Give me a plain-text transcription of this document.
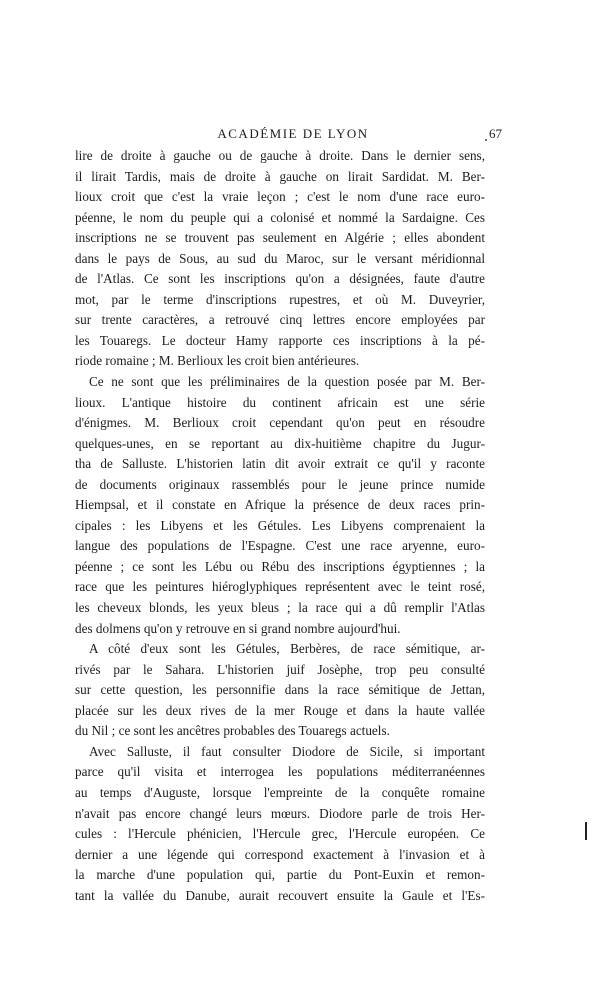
ACADÉMIE DE LYON	67
lire de droite à gauche ou de gauche à droite. Dans le dernier sens,
il lirait Tardis, mais de droite à gauche on lirait Sardidat. M. Ber-
lioux croit que c'est la vraie leçon ; c'est le nom d'une race euro-
péenne, le nom du peuple qui a colonisé et nommé la Sardaigne. Ces
inscriptions ne se trouvent pas seulement en Algérie ; elles abondent
dans le pays de Sous, au sud du Maroc, sur le versant méridionnal
de l'Atlas. Ce sont les inscriptions qu'on a désignées, faute d'autre
mot, par le terme d'inscriptions rupestres, et où M. Duveyrier,
sur trente caractères, a retrouvé cinq lettres encore employées par
les Touaregs. Le docteur Hamy rapporte ces inscriptions à la pé-
riode romaine ; M. Berlioux les croit bien antérieures.
Ce ne sont que les préliminaires de la question posée par M. Ber-
lioux. L'antique histoire du continent africain est une série
d'énigmes. M. Berlioux croit cependant qu'on peut en résoudre
quelques-unes, en se reportant au dix-huitième chapitre du Jugur-
tha de Salluste. L'historien latin dit avoir extrait ce qu'il y raconte
de documents originaux rassemblés pour le jeune prince numide
Hiempsal, et il constate en Afrique la présence de deux races prin-
cipales : les Libyens et les Gétules. Les Libyens comprenaient la
langue des populations de l'Espagne. C'est une race aryenne, euro-
péenne ; ce sont les Lébu ou Rébu des inscriptions égyptiennes ; la
race que les peintures hiéroglyphiques représentent avec le teint rosé,
les cheveux blonds, les yeux bleus ; la race qui a dû remplir l'Atlas
des dolmens qu'on y retrouve en si grand nombre aujourd'hui.
A côté d'eux sont les Gétules, Berbères, de race sémitique, ar-
rivés par le Sahara. L'historien juif Josèphe, trop peu consulté
sur cette question, les personnifie dans la race sémitique de Jettan,
placée sur les deux rives de la mer Rouge et dans la haute vallée
du Nil ; ce sont les ancêtres probables des Touaregs actuels.
Avec Salluste, il faut consulter Diodore de Sicile, si important
parce qu'il visita et interrogea les populations méditerranéennes
au temps d'Auguste, lorsque l'empreinte de la conquête romaine
n'avait pas encore changé leurs mœurs. Diodore parle de trois Her-
cules : l'Hercule phénicien, l'Hercule grec, l'Hercule européen. Ce
dernier a une légende qui correspond exactement à l'invasion et à
la marche d'une population qui, partie du Pont-Euxin et remon-
tant la vallée du Danube, aurait recouvert ensuite la Gaule et l'Es-
